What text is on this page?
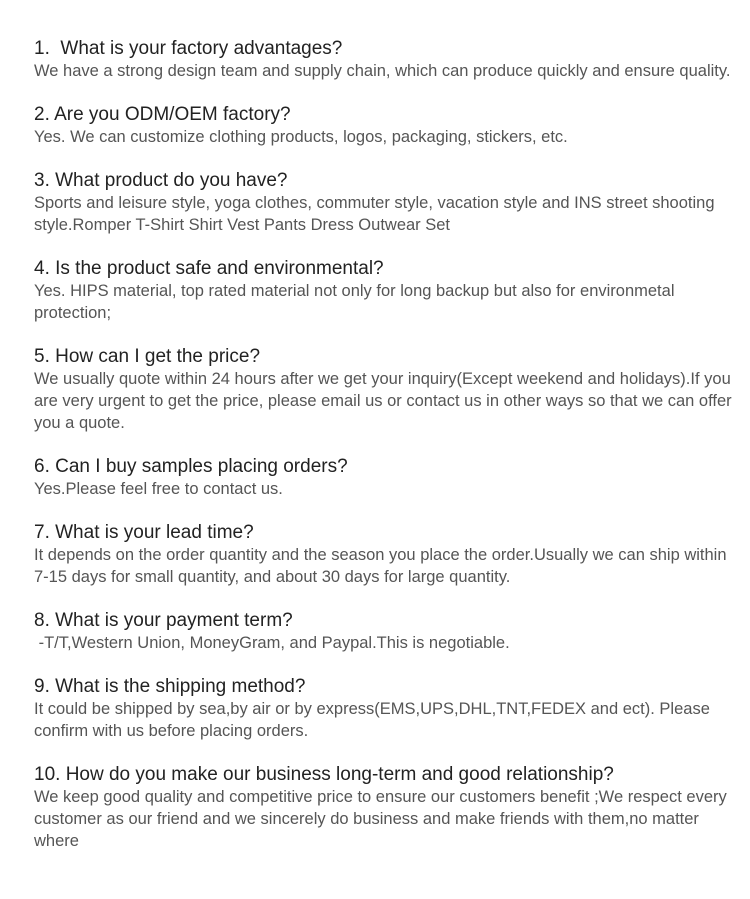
1.  What is your factory advantages?
We have a strong design team and supply chain, which can produce quickly and ensure quality.
2. Are you ODM/OEM factory?
Yes. We can customize clothing products, logos, packaging, stickers, etc.
3. What product do you have?
Sports and leisure style, yoga clothes, commuter style, vacation style and INS street shooting style.Romper T-Shirt Shirt Vest Pants Dress Outwear Set
4. Is the product safe and environmental?
Yes. HIPS material, top rated material not only for long backup but also for environmetal protection;
5. How can I get the price?
We usually quote within 24 hours after we get your inquiry(Except weekend and holidays).If you are very urgent to get the price, please email us or contact us in other ways so that we can offer you a quote.
6. Can I buy samples placing orders?
Yes.Please feel free to contact us.
7. What is your lead time?
It depends on the order quantity and the season you place the order.Usually we can ship within 7-15 days for small quantity, and about 30 days for large quantity.
8. What is your payment term?
-T/T,Western Union, MoneyGram, and Paypal.This is negotiable.
9. What is the shipping method?
It could be shipped by sea,by air or by express(EMS,UPS,DHL,TNT,FEDEX and ect). Please confirm with us before placing orders.
10. How do you make our business long-term and good relationship?
We keep good quality and competitive price to ensure our customers benefit ;We respect every customer as our friend and we sincerely do business and make friends with them,no matter where
